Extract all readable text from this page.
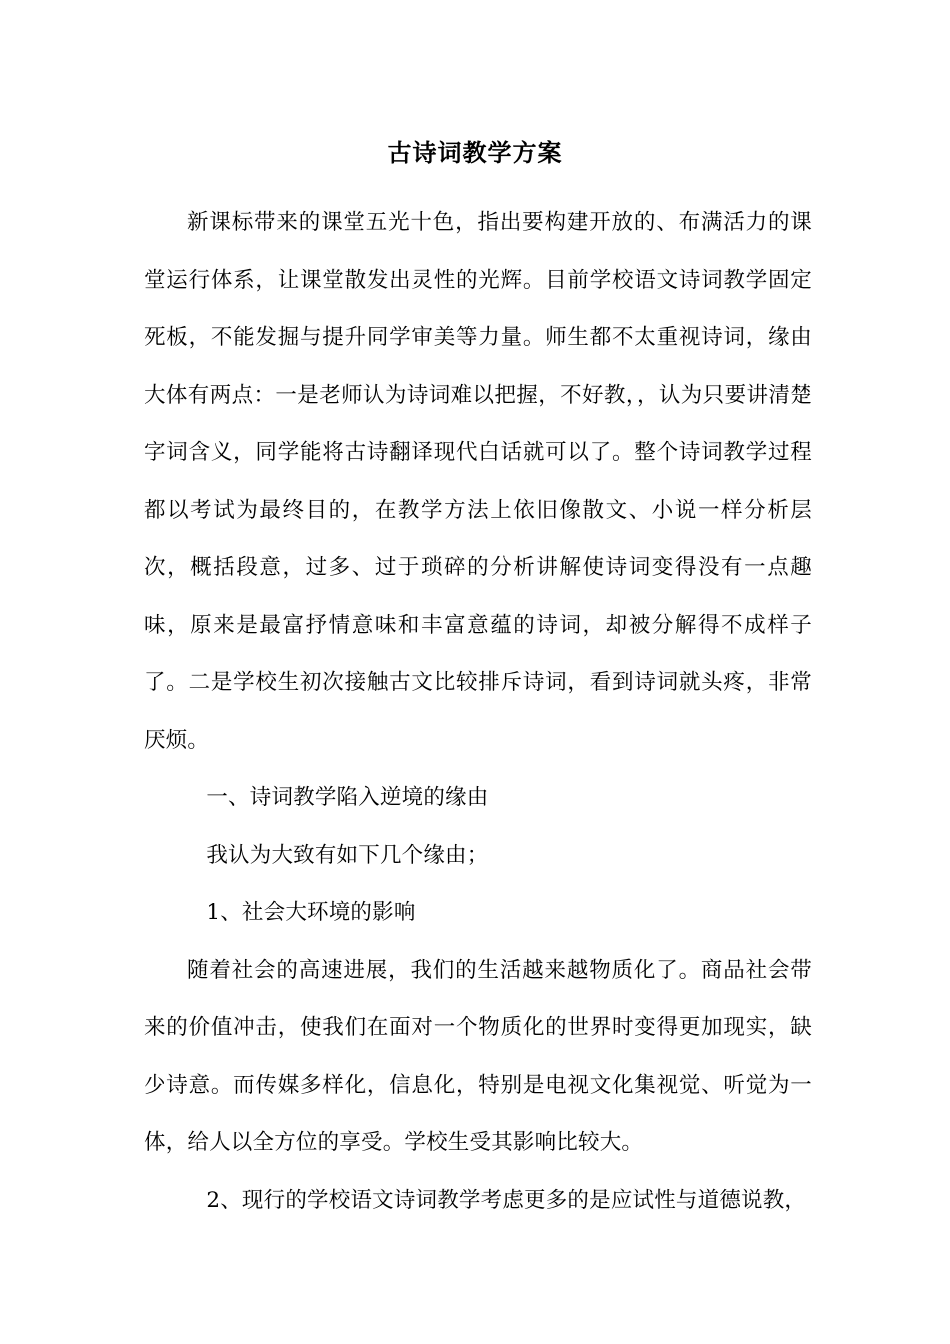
古诗词教学方案

新课标带来的课堂五光十色，指出要构建开放的、布满活力的课堂运行体系，让课堂散发出灵性的光辉。目前学校语文诗词教学固定死板，不能发掘与提升同学审美等力量。师生都不太重视诗词，缘由大体有两点：一是老师认为诗词难以把握，不好教，，认为只要讲清楚字词含义，同学能将古诗翻译现代白话就可以了。整个诗词教学过程都以考试为最终目的，在教学方法上依旧像散文、小说一样分析层次，概括段意，过多、过于琐碎的分析讲解使诗词变得没有一点趣味，原来是最富抒情意味和丰富意蕴的诗词，却被分解得不成样子了。二是学校生初次接触古文比较排斥诗词，看到诗词就头疼，非常厌烦。

一、诗词教学陷入逆境的缘由

我认为大致有如下几个缘由；

1、社会大环境的影响

随着社会的高速进展，我们的生活越来越物质化了。商品社会带来的价值冲击，使我们在面对一个物质化的世界时变得更加现实，缺少诗意。而传媒多样化，信息化，特别是电视文化集视觉、听觉为一体，给人以全方位的享受。学校生受其影响比较大。

2、现行的学校语文诗词教学考虑更多的是应试性与道德说教，
